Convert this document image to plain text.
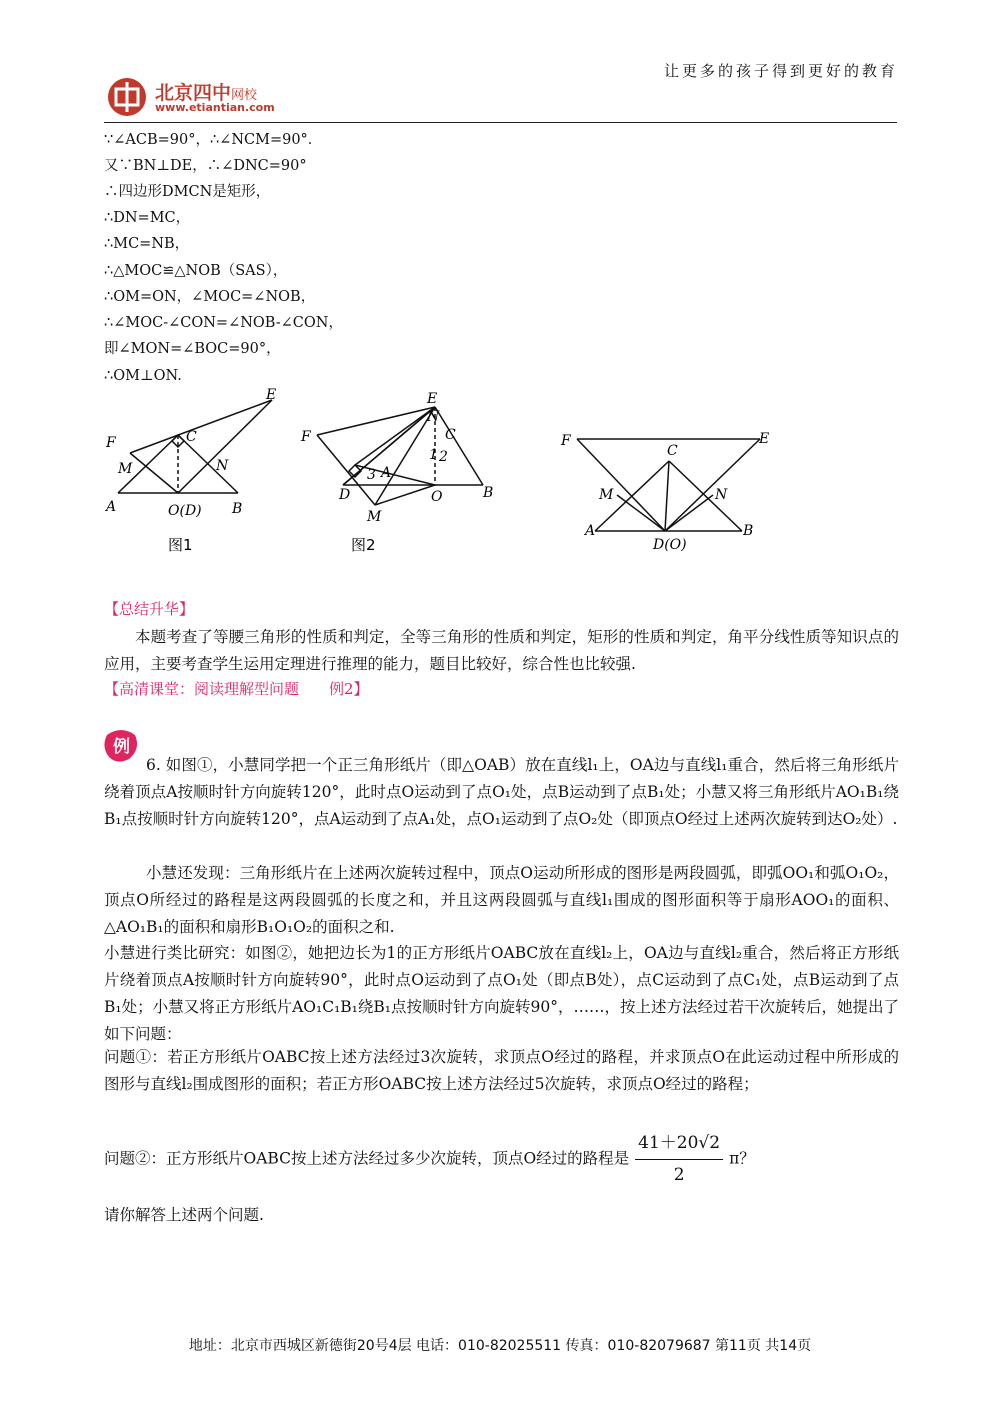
让更多的孩子得到更好的教育
北京四中网校
www.etiantian.com
∵∠ACB=90°，∴∠NCM=90°．
又∵BN⊥DE，∴∠DNC=90°
∴四边形DMCN是矩形，
∴DN=MC，
∴MC=NB，
∴△MOC≌△NOB（SAS），
∴OM=ON，∠MOC=∠NOB，
∴∠MOC-∠CON=∠NOB-∠CON，
即∠MON=∠BOC=90°，
∴OM⊥ON.
E
F	C
M	N
A	O(D) B
图1
E
F
N
C
1 2
3 A
D	O	B
M
图2
F	E
C
M	N
A	B
D(O)
【总结升华】
本题考查了等腰三角形的性质和判定，全等三角形的性质和判定，矩形的性质和判定，角平分线性质等知识点的应用，主要考查学生运用定理进行推理的能力，题目比较好，综合性也比较强.
【高清课堂：阅读理解型问题　　例2】
例
6. 如图①，小慧同学把一个正三角形纸片（即△OAB）放在直线l₁上，OA边与直线l₁重合，然后将三角形纸片绕着顶点A按顺时针方向旋转120°，此时点O运动到了点O₁处，点B运动到了点B₁处；小慧又将三角形纸片AO₁B₁绕B₁点按顺时针方向旋转120°，点A运动到了点A₁处，点O₁运动到了点O₂处（即顶点O经过上述两次旋转到达O₂处）.
小慧还发现：三角形纸片在上述两次旋转过程中，顶点O运动所形成的图形是两段圆弧，即弧OO₁和弧O₁O₂，顶点O所经过的路程是这两段圆弧的长度之和，并且这两段圆弧与直线l₁围成的图形面积等于扇形AOO₁的面积、△AO₁B₁的面积和扇形B₁O₁O₂的面积之和.
小慧进行类比研究：如图②，她把边长为1的正方形纸片OABC放在直线l₂上，OA边与直线l₂重合，然后将正方形纸片绕着顶点A按顺时针方向旋转90°，此时点O运动到了点O₁处（即点B处），点C运动到了点C₁处，点B运动到了点B₁处；小慧又将正方形纸片AO₁C₁B₁绕B₁点按顺时针方向旋转90°，……，按上述方法经过若干次旋转后，她提出了如下问题：
问题①：若正方形纸片OABC按上述方法经过3次旋转，求顶点O经过的路程，并求顶点O在此运动过程中所形成的图形与直线l₂围成图形的面积；若正方形OABC按上述方法经过5次旋转，求顶点O经过的路程；
问题②：正方形纸片OABC按上述方法经过多少次旋转，顶点O经过的路程是 $\frac{41+20√2}{2}$ π？
请你解答上述两个问题.
地址：北京市西城区新德街20号4层 电话：010-82025511 传真：010-82079687 第11页 共14页
